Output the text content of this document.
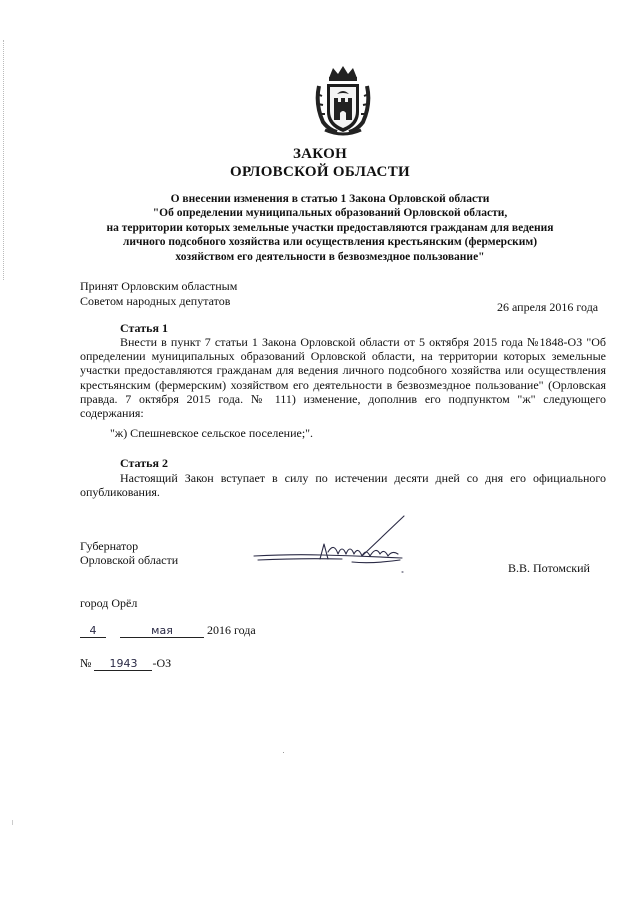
ЗАКОН
ОРЛОВСКОЙ ОБЛАСТИ
О внесении изменения в статью 1 Закона Орловской области
"Об определении муниципальных образований Орловской области,
на территории которых земельные участки предоставляются гражданам для ведения
личного подсобного хозяйства или осуществления крестьянским (фермерским)
хозяйством его деятельности в безвозмездное пользование"
Принят Орловским областным
Советом народных депутатов	26 апреля 2016 года
Статья 1
Внести в пункт 7 статьи 1 Закона Орловской области от 5 октября 2015 года №1848-ОЗ "Об определении муниципальных образований Орловской области, на территории которых земельные участки предоставляются гражданам для ведения личного подсобного хозяйства или осуществления крестьянским (фермерским) хозяйством его деятельности в безвозмездное пользование" (Орловская правда. 7 октября 2015 года. № 111) изменение, дополнив его подпунктом "ж" следующего содержания:
"ж) Спешневское сельское поселение;".
Статья 2
Настоящий Закон вступает в силу по истечении десяти дней со дня его официального опубликования.
Губернатор
Орловской области
В.В. Потомский
город Орёл
4	мая	2016 года
№ 1943 -ОЗ
